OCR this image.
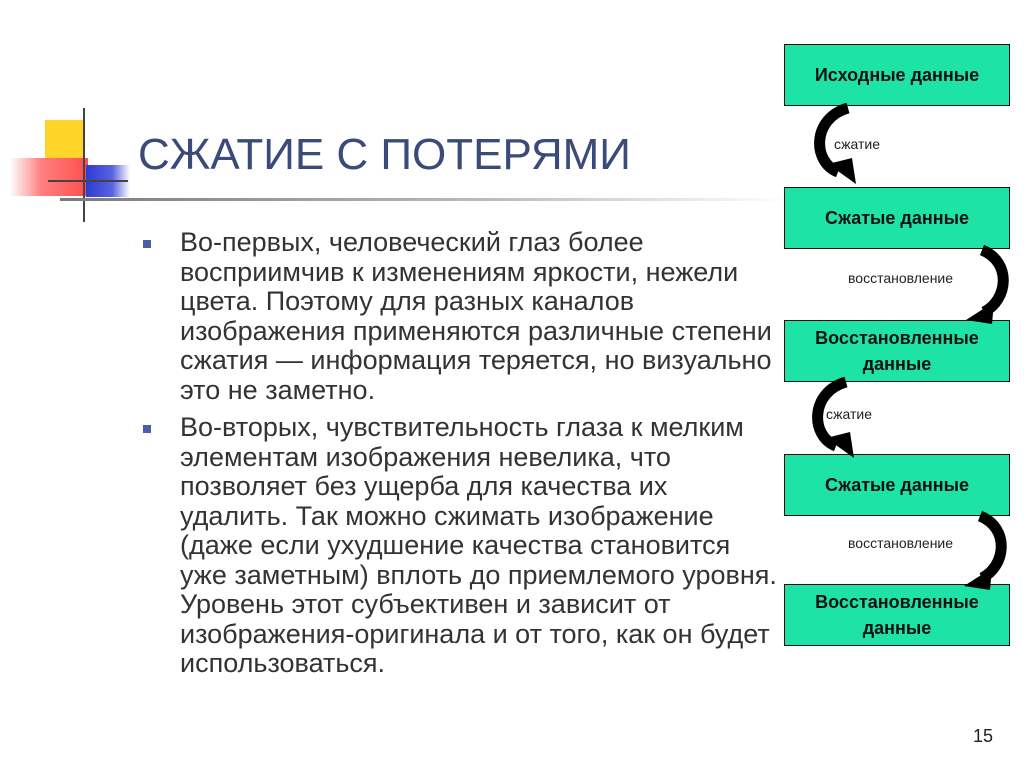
СЖАТИЕ С ПОТЕРЯМИ
Во-первых, человеческий глаз более восприимчив к изменениям яркости, нежели цвета. Поэтому для разных каналов изображения применяются различные степени сжатия — информация теряется, но визуально это не заметно.
Во-вторых, чувствительность глаза к мелким элементам изображения невелика, что позволяет без ущерба для качества их удалить. Так можно сжимать изображение (даже если ухудшение качества становится уже заметным) вплоть до приемлемого уровня. Уровень этот субъективен и зависит от изображения-оригинала и от того, как он будет использоваться.
Исходные данные
Сжатые данные
Восстановленные данные
Сжатые данные
Восстановленные данные
сжатие
восстановление
сжатие
восстановление
15
